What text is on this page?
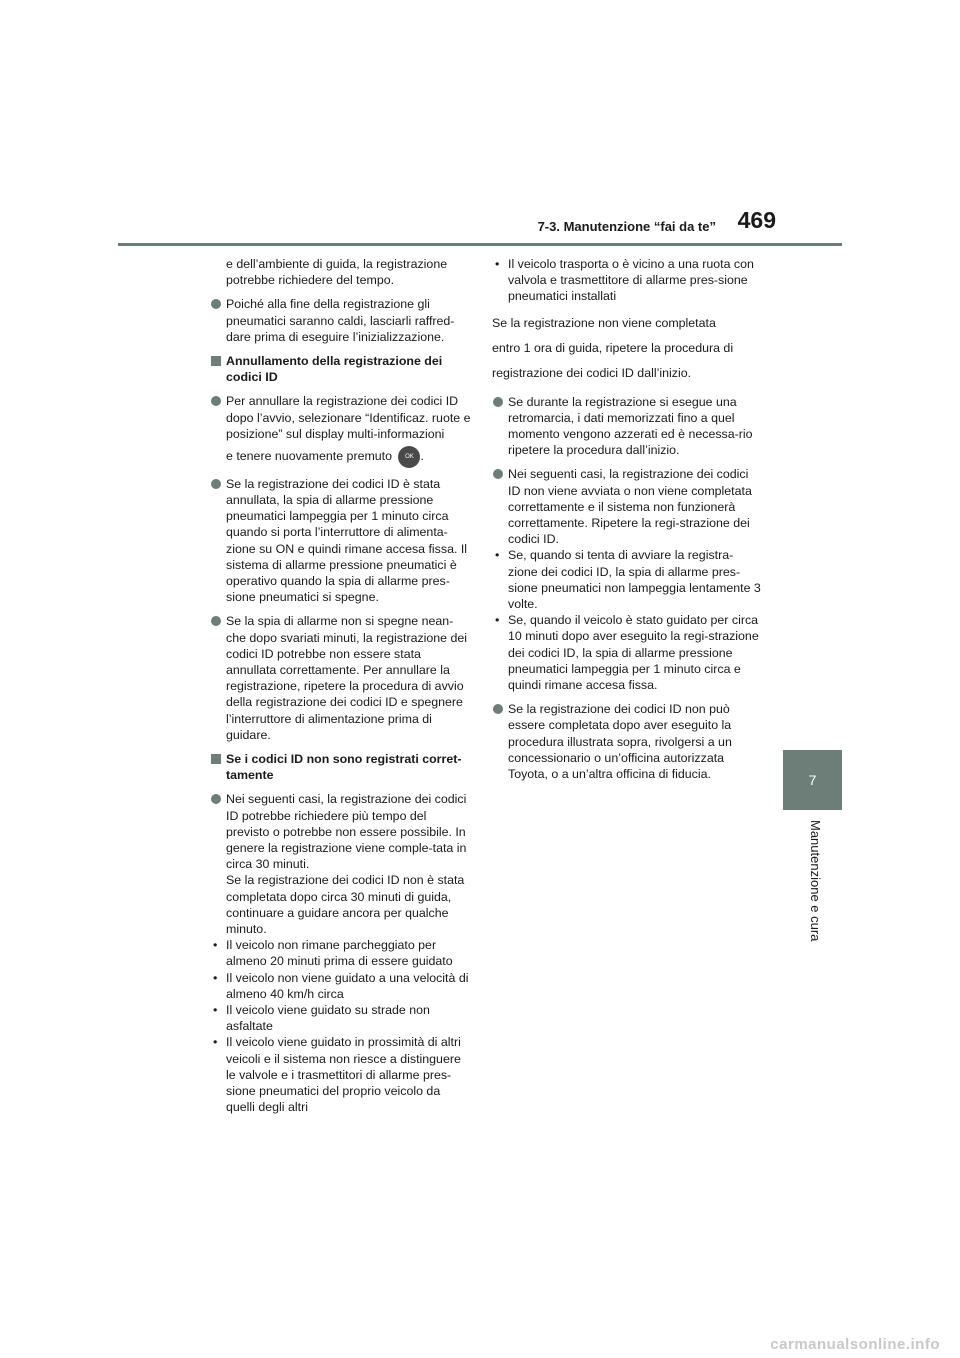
7-3. Manutenzione “fai da te” 469
7
Manutenzione e cura

e dell’ambiente di guida, la registrazione potrebbe richiedere del tempo.

Poiché alla fine della registrazione gli pneumatici saranno caldi, lasciarli raffred-dare prima di eseguire l’inizializzazione.

Annullamento della registrazione dei codici ID

Per annullare la registrazione dei codici ID dopo l’avvio, selezionare “Identificaz. ruote e posizione” sul display multi-informazioni
e tenere nuovamente premuto OK .

Se la registrazione dei codici ID è stata annullata, la spia di allarme pressione pneumatici lampeggia per 1 minuto circa quando si porta l’interruttore di alimenta-zione su ON e quindi rimane accesa fissa. Il sistema di allarme pressione pneumatici è operativo quando la spia di allarme pres-sione pneumatici si spegne.

Se la spia di allarme non si spegne nean-che dopo svariati minuti, la registrazione dei codici ID potrebbe non essere stata annullata correttamente. Per annullare la registrazione, ripetere la procedura di avvio della registrazione dei codici ID e spegnere l’interruttore di alimentazione prima di guidare.

Se i codici ID non sono registrati corret-tamente

Nei seguenti casi, la registrazione dei codici ID potrebbe richiedere più tempo del previsto o potrebbe non essere possibile. In genere la registrazione viene comple-tata in circa 30 minuti.
Se la registrazione dei codici ID non è stata completata dopo circa 30 minuti di guida, continuare a guidare ancora per qualche minuto.
• Il veicolo non rimane parcheggiato per almeno 20 minuti prima di essere guidato
• Il veicolo non viene guidato a una velocità di almeno 40 km/h circa
• Il veicolo viene guidato su strade non asfaltate
• Il veicolo viene guidato in prossimità di altri veicoli e il sistema non riesce a distinguere le valvole e i trasmettitori di allarme pres-sione pneumatici del proprio veicolo da quelli degli altri
• Il veicolo trasporta o è vicino a una ruota con valvola e trasmettitore di allarme pres-sione pneumatici installati

Se la registrazione non viene completata

entro 1 ora di guida, ripetere la procedura di

registrazione dei codici ID dall’inizio.

Se durante la registrazione si esegue una retromarcia, i dati memorizzati fino a quel momento vengono azzerati ed è necessa-rio ripetere la procedura dall’inizio.

Nei seguenti casi, la registrazione dei codici ID non viene avviata o non viene completata correttamente e il sistema non funzionerà correttamente. Ripetere la regi-strazione dei codici ID.
• Se, quando si tenta di avviare la registra-zione dei codici ID, la spia di allarme pres-sione pneumatici non lampeggia lentamente 3 volte.
• Se, quando il veicolo è stato guidato per circa 10 minuti dopo aver eseguito la regi-strazione dei codici ID, la spia di allarme pressione pneumatici lampeggia per 1 minuto circa e quindi rimane accesa fissa.

Se la registrazione dei codici ID non può essere completata dopo aver eseguito la procedura illustrata sopra, rivolgersi a un concessionario o un’officina autorizzata Toyota, o a un’altra officina di fiducia.

carmanualsonline.info
